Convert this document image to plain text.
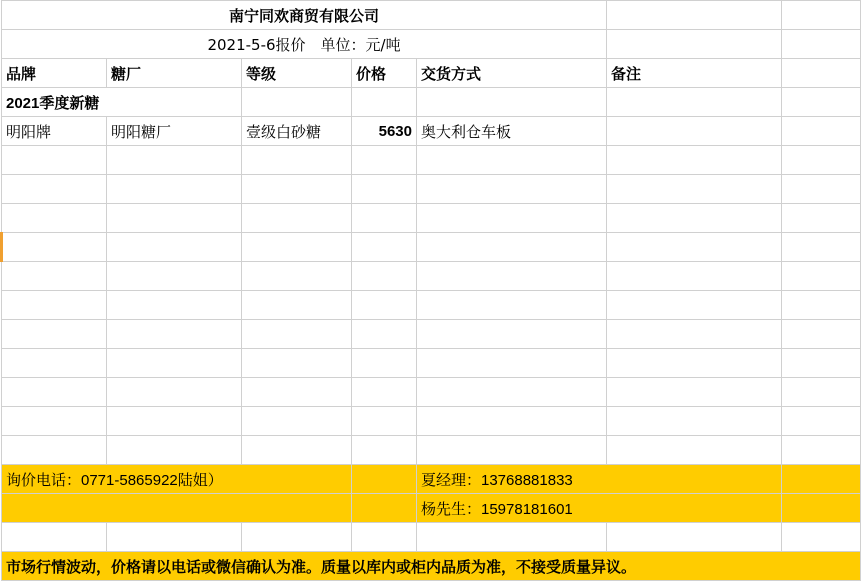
南宁同欢商贸有限公司						
2021-5-6报价　单位：元/吨						
品牌	糖厂	等级	价格	交货方式	备注	
2021季度新糖						
明阳牌	明阳糖厂	壹级白砂糖	5630	奥大利仓车板		

询价电话：0771-5865922陆姐）				夏经理：13768881833		
				杨先生：15978181601		

市场行情波动，价格请以电话或微信确认为准。质量以库内或柜内品质为准，不接受质量异议。						
